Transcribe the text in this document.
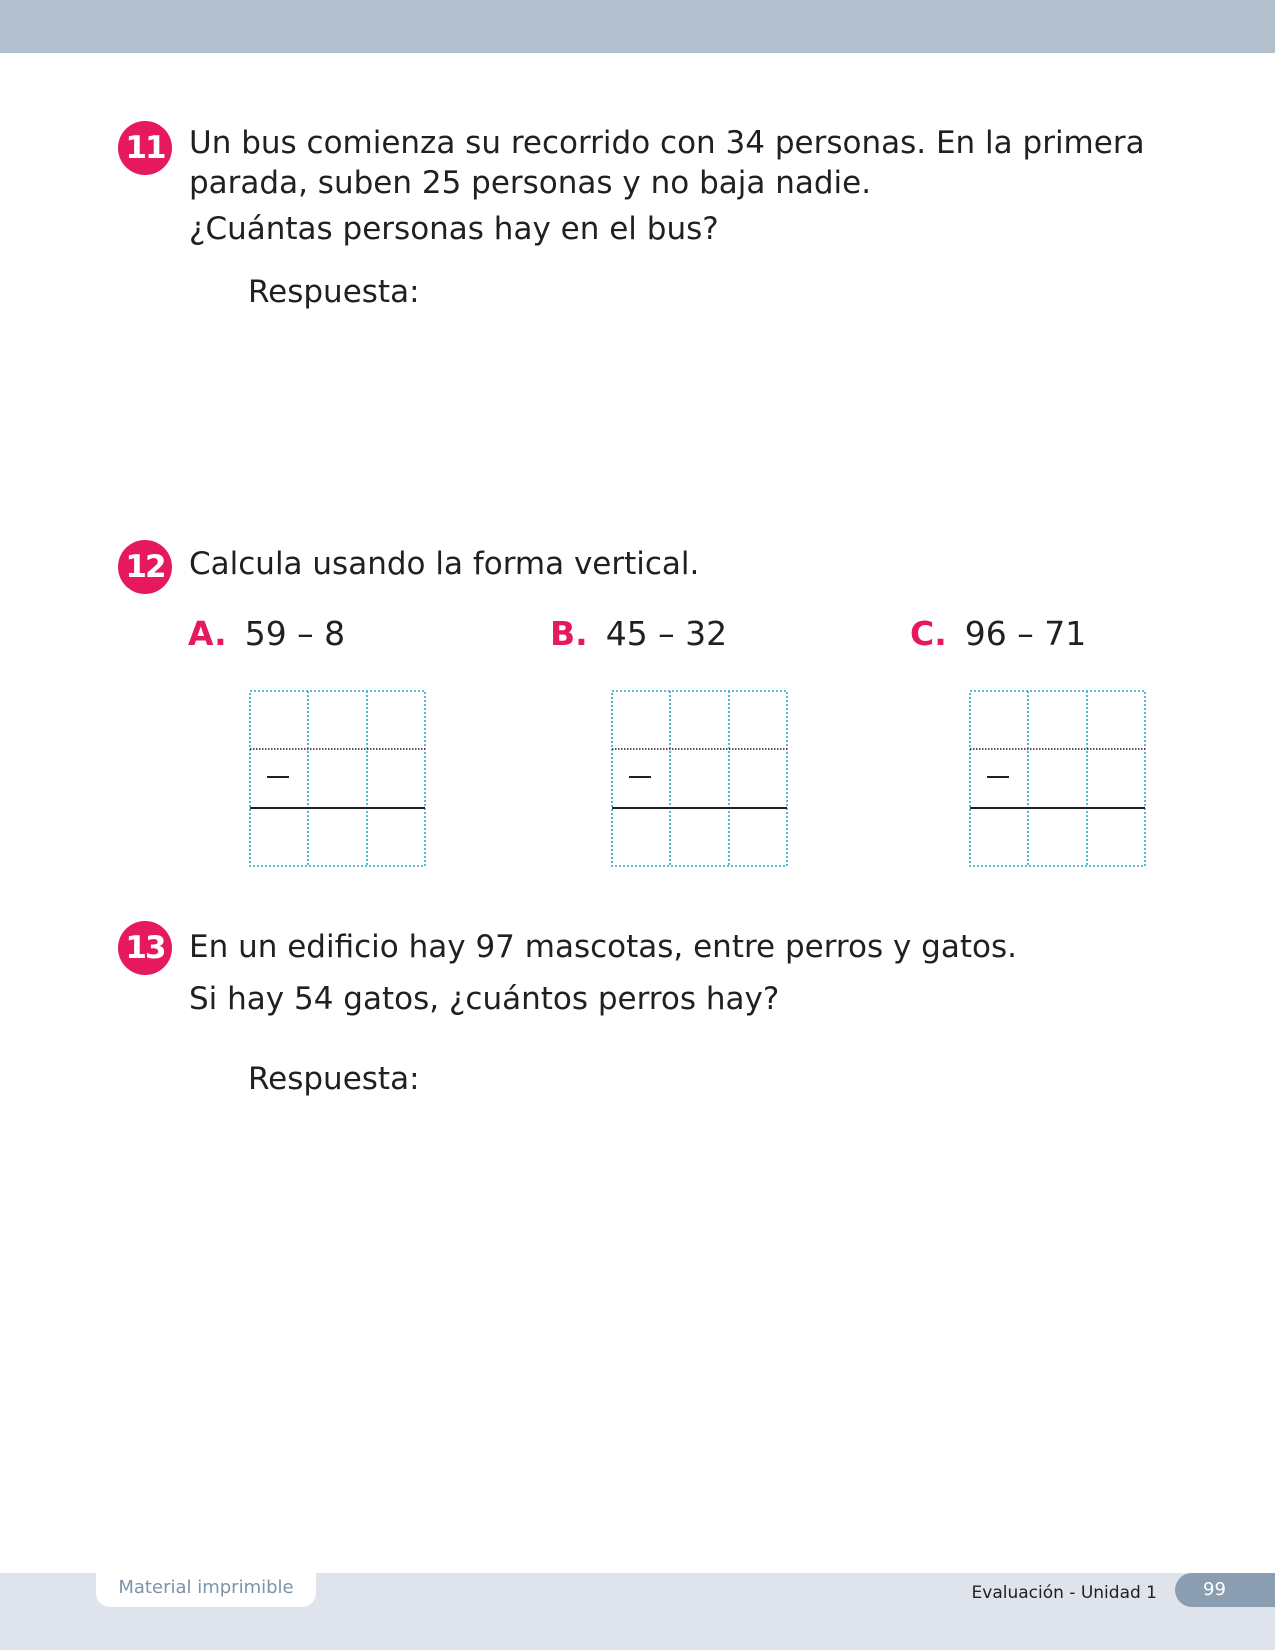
11 Un bus comienza su recorrido con 34 personas. En la primera
parada, suben 25 personas y no baja nadie.
¿Cuántas personas hay en el bus?
Respuesta:
12 Calcula usando la forma vertical.
A. 59 – 8	B. 45 – 32	C. 96 – 71
13 En un edificio hay 97 mascotas, entre perros y gatos.
Si hay 54 gatos, ¿cuántos perros hay?
Respuesta:
Material imprimible	Evaluación - Unidad 1	99
